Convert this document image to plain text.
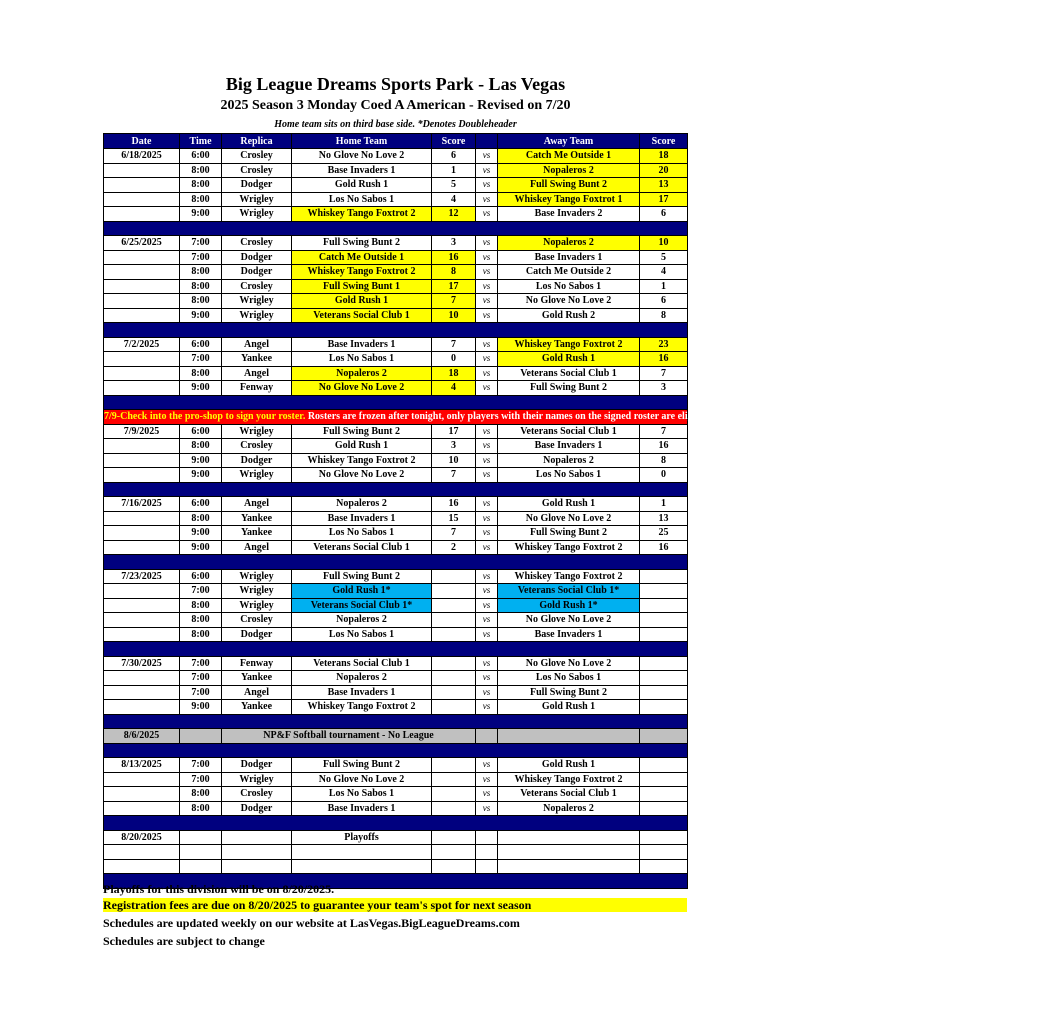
Big League Dreams Sports Park - Las Vegas
2025 Season 3 Monday Coed A American - Revised on 7/20
Home team sits on third base side. *Denotes Doubleheader
Date	Time	Replica	Home Team	Score		Away Team	Score
6/18/2025	6:00	Crosley	No Glove No Love 2	6	vs	Catch Me Outside 1	18
	8:00	Crosley	Base Invaders 1	1	vs	Nopaleros 2	20
	8:00	Dodger	Gold Rush 1	5	vs	Full Swing Bunt 2	13
	8:00	Wrigley	Los No Sabos 1	4	vs	Whiskey Tango Foxtrot 1	17
	9:00	Wrigley	Whiskey Tango Foxtrot 2	12	vs	Base Invaders 2	6

6/25/2025	7:00	Crosley	Full Swing Bunt 2	3	vs	Nopaleros 2	10
	7:00	Dodger	Catch Me Outside 1	16	vs	Base Invaders 1	5
	8:00	Dodger	Whiskey Tango Foxtrot 2	8	vs	Catch Me Outside 2	4
	8:00	Crosley	Full Swing Bunt 1	17	vs	Los No Sabos 1	1
	8:00	Wrigley	Gold Rush 1	7	vs	No Glove No Love 2	6
	9:00	Wrigley	Veterans Social Club 1	10	vs	Gold Rush 2	8

7/2/2025	6:00	Angel	Base Invaders 1	7	vs	Whiskey Tango Foxtrot 2	23
	7:00	Yankee	Los No Sabos 1	0	vs	Gold Rush 1	16
	8:00	Angel	Nopaleros 2	18	vs	Veterans Social Club 1	7
	9:00	Fenway	No Glove No Love 2	4	vs	Full Swing Bunt 2	3

7/9-Check into the pro-shop to sign your roster. Rosters are frozen after tonight, only players with their names on the signed roster are eligible for playoffs. Please check carefully as changes will not be made for omissions.							
7/9/2025	6:00	Wrigley	Full Swing Bunt 2	17	vs	Veterans Social Club 1	7
	8:00	Crosley	Gold Rush 1	3	vs	Base Invaders 1	16
	9:00	Dodger	Whiskey Tango Foxtrot 2	10	vs	Nopaleros 2	8
	9:00	Wrigley	No Glove No Love 2	7	vs	Los No Sabos 1	0

7/16/2025	6:00	Angel	Nopaleros 2	16	vs	Gold Rush 1	1
	8:00	Yankee	Base Invaders 1	15	vs	No Glove No Love 2	13
	9:00	Yankee	Los No Sabos 1	7	vs	Full Swing Bunt 2	25
	9:00	Angel	Veterans Social Club 1	2	vs	Whiskey Tango Foxtrot 2	16

7/23/2025	6:00	Wrigley	Full Swing Bunt 2		vs	Whiskey Tango Foxtrot 2	
	7:00	Wrigley	Gold Rush 1*		vs	Veterans Social Club 1*	
	8:00	Wrigley	Veterans Social Club 1*		vs	Gold Rush 1*	
	8:00	Crosley	Nopaleros 2		vs	No Glove No Love 2	
	8:00	Dodger	Los No Sabos 1		vs	Base Invaders 1	

7/30/2025	7:00	Fenway	Veterans Social Club 1		vs	No Glove No Love 2	
	7:00	Yankee	Nopaleros 2		vs	Los No Sabos 1	
	7:00	Angel	Base Invaders 1		vs	Full Swing Bunt 2	
	9:00	Yankee	Whiskey Tango Foxtrot 2		vs	Gold Rush 1	

8/6/2025		NP&F Softball tournament - No League					

8/13/2025	7:00	Dodger	Full Swing Bunt 2		vs	Gold Rush 1	
	7:00	Wrigley	No Glove No Love 2		vs	Whiskey Tango Foxtrot 2	
	8:00	Crosley	Los No Sabos 1		vs	Veterans Social Club 1	
	8:00	Dodger	Base Invaders 1		vs	Nopaleros 2	

8/20/2025			Playoffs				

Playoffs for this division will be on 8/20/2025.
Registration fees are due on 8/20/2025 to guarantee your team's spot for next season
Schedules are updated weekly on our website at LasVegas.BigLeagueDreams.com
Schedules are subject to change
